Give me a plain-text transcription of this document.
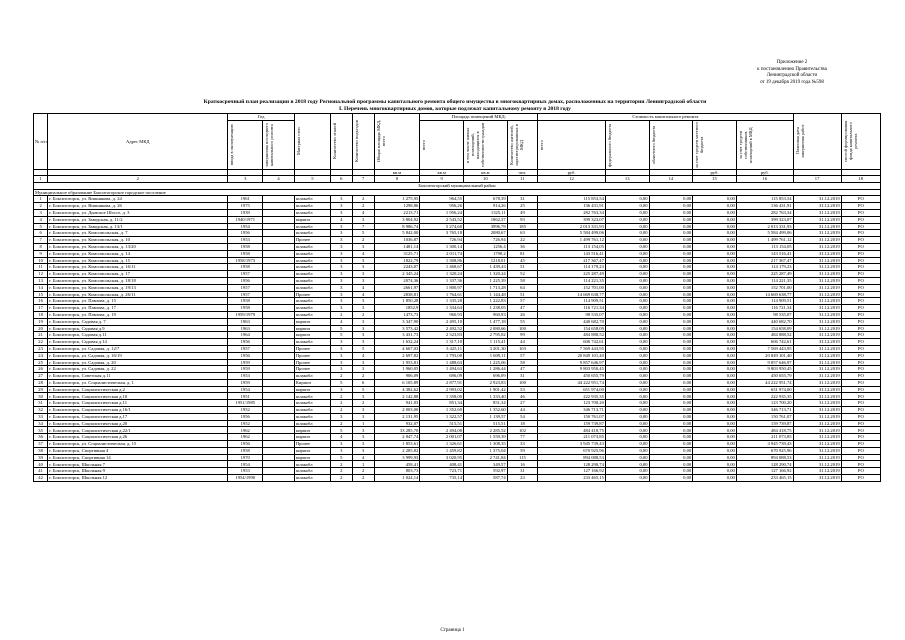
Приложение 2
к постановлению Правительства
Ленинградской области
от 19 декабря 2019 года №598
Краткосрочный план реализации в 2018 году Региональной программы капитального ремонта общего имущества в многоквартирных домах, расположенных на территории Ленинградской области
I. Перечень многоквартирных домов, которые подлежат капитальному ремонту в 2018 году
№ п/п	Адрес МКД	Год		Материал стен	Количество этажей	Количество подъездов	Общая площадь МКД, всего	Площадь помещений МКД:			Стоимость капитального ремонта					Плановая дата завершения работ	способ формирования фонда капитального ремонта

		ввода в эксплуатацию	завершения последнего капитального ремонта					всего	в том числе жилых помещений, находящихся в собственности граждан	Количество жителей, зарегистрированных в МКД	всего	федерального бюджета	областного бюджета	за счет средств местного бюджета	за счет средств собственников помещений в МКД		

							кв.м	кв.м	кв.м	чел.	руб.			руб.	руб.		
1	2	3	4	5	6	7	8	9	10	11	12	13	14	15	16	17	18
Бокситогорский муниципальный район																	
Муниципальное образование Бокситогорское городское поселение																	
1	г. Бокситогорск, ул. Вишнякова, д. 24	1961		шлакобл	3	2	1 275,95	964,55	678,39	31	115 853,54	0,00	0,00	0,00	115 853,54	31.12.2019	РО
2	г. Бокситогорск, ул. Вишнякова, д. 26	1975		шлакобл	3	2	1298,86	956,26	914,26	25	136 431,91	0,00	0,00	0,00	136 431,91	31.12.2019	РО
3	г. Бокситогорск, ул. Дымское Шоссе, д. 3	1939		шлакобл	3	4	2213,71	1 956,24	1325,11	49	282 763,34	0,00	0,00	0,00	282 763,34	31.12.2019	РО
4	г. Бокситогорск, ул. Заводская, д. 11/2	1940/1971		кирпич	4	3	3 804,92	2 543,52	1862,37	93	399 323,07	0,00	0,00	0,00	399 323,07	31.12.2019	РО
5	г. Бокситогорск, ул. Заводская, д. 13/1	1954		шлакобл	3	7	8 986,74	5 274,60	3996,78	185	2 013 331,93	0,00	0,00	0,00	2 013 331,93	31.12.2019	РО
6	г. Бокситогорск, ул. Комсомольская, д. 7	1956		шлакобл	3	5	5 842,00	3 765,18	2080,67	63	5 584 499,06	0,00	0,00	0,00	5 584 499,06	31.12.2019	РО
7	г. Бокситогорск, ул. Комсомольская, д. 10	1953		Прочее	3	2	1036,87	726,94	726,94	22	1 499 761,12	0,00	0,00	0,00	1 499 761,12	31.12.2019	РО
8	г. Бокситогорск, ул. Комсомольская, д. 13/20	1958		шлакобл	3	3	1481,14	1 300,14	1256,4	36	113 154,05	0,00	0,00	0,00	113 154,05	31.12.2019	РО
9	г. Бокситогорск, ул. Комсомольская, д. 14	1958		шлакобл	3	4	3125,71	2 011,74	1790,2	81	143 516,41	0,00	0,00	0,00	143 516,41	31.12.2019	РО
10	г. Бокситогорск, ул. Комсомольская, д. 15	1958/1973		шлакобл	3	3	1822,79	1 308,86	1218,01	45	217 367,47	0,00	0,00	0,00	217 367,47	31.12.2019	РО
11	г. Бокситогорск, ул. Комсомольская, д. 16/11	1958		шлакобл	3	3	2243,07	1 468,67	1 439,43	51	114 179,23	0,00	0,00	0,00	114 179,23	31.12.2019	РО
12	г. Бокситогорск, ул. Комсомольская, д. 17	1957		шлакобл	3	3	2 345,24	1 320,24	1 320,24	52	225 287,49	0,00	0,00	0,00	225 287,49	31.12.2019	РО
13	г. Бокситогорск, ул. Комсомольская, д. 18/18	1956		шлакобл	3	3	2074,36	1 337,36	1 225,39	58	114 221,35	0,00	0,00	0,00	114 221,35	31.12.2019	РО
14	г. Бокситогорск, ул. Комсомольская, д. 19/13	1957		шлакобл	3	4	2661,97	1 800,97	1 713,28	64	152 701,00	0,00	0,00	0,00	152 701,00	31.12.2019	РО
15	г. Бокситогорск, ул. Комсомольская, д. 26/11	1957		Прочее	3	4	2838,81	1 764,61	1 144,48	51	14 669 638,77	0,00	0,00	0,00	14 669 638,77	31.12.2019	РО
16	г. Бокситогорск, ул. Павлова, д. 15	1958		шлакобл	3	3	1 850,28	1 335,28	1 222,83	57	114 909,51	0,00	0,00	0,00	114 909,51	31.12.2019	РО
17	г. Бокситогорск, ул. Павлова, д. 17	1958		шлакобл	3	3	1852,9	1 334,64	1 238,05	47	116 721,34	0,00	0,00	0,00	116 721,34	31.12.2019	РО
18	г. Бокситогорск, ул. Павлова, д. 19	1959/1979		шлакобл	2	2	1473,73	960,93	960,93	26	98 535,07	0,00	0,00	0,00	98 535,07	31.12.2019	РО
19	г. Бокситогорск, Садовая д. 7	1963		кирпич	4	3	3 347,90	2 495,10	1 477,18	55	440 682,70	0,00	0,00	0,00	440 682,70	31.12.2019	РО
20	г. Бокситогорск, Садовая д.9	1963		кирпич	5	3	3 573,42	2 492,52	2 080,66	100	154 658,09	0,00	0,00	0,00	154 658,09	31.12.2019	РО
21	г. Бокситогорск, Садовая д.11	1964		кирпич	5	3	3 431,73	2 523,83	2 795,82	99	484 888,52	0,00	0,00	0,00	484 888,52	31.12.2019	РО
22	г. Бокситогорск, Садовая д.14	1956		шлакобл	3	3	1 632,24	1 317,10	1 115,41	44	606 742,61	0,00	0,00	0,00	606 742,61	31.12.2019	РО
23	г. Бокситогорск, ул. Садовая, д. 12/7	1957		Прочее	3	5	4 667,03	3 425,11	3 201,30	103	7 569 443,95	0,00	0,00	0,00	7 569 443,95	31.12.2019	РО
24	г. Бокситогорск, ул. Садовая, д. 16/19	1956		Прочее	3	4	2 697,82	1 793,00	1 609,11	57	20 849 101,40	0,00	0,00	0,00	20 849 101,40	31.12.2019	РО
25	г. Бокситогорск, ул. Садовая, д. 20	1959		Прочее	3	3	1 953,81	1 488,63	1 225,06	58	9 857 646,97	0,00	0,00	0,00	9 857 646,97	31.12.2019	РО
26	г. Бокситогорск, ул. Садовая, д. 22	1959		Прочее	3	3	1 960,05	1 494,63	1 286,44	47	9 803 950,45	0,00	0,00	0,00	9 803 950,45	31.12.2019	РО
27	г. Бокситогорск, Советская д.11	1953		шлакобл	2	2	906,09	696,09	696,09	31	450 655,79	0,00	0,00	0,00	450 655,79	31.12.2019	РО
28	г. Бокситогорск, ул. Социалистическая, д. 1	1959		Кирпич	5	6	6 105,89	2 877,91	2 923,83	100	44 222 951,74	0,00	0,00	0,00	44 222 951,74	31.12.2019	РО
29	г. Бокситогорск, Социалистическая д.2	1954		кирпич	3	5	4 382,62	2 993,02	1 901,42	53	651 974,00	0,00	0,00	0,00	651 974,00	31.12.2019	РО
30	г. Бокситогорск, Социалистическая д.10	1951		шлакобл	2	3	2 142,88	1 358,00	1 333,40	46	222 935,35	0,00	0,00	0,00	222 935,35	31.12.2019	РО
31	г. Бокситогорск, Социалистическая д.11	1951/1985		шлакобл	2	2	941,03	851,34	851,34	27	123 700,20	0,00	0,00	0,00	123 700,20	31.12.2019	РО
32	г. Бокситогорск, Социалистическая д.16/1	1952		шлакобл	2	3	2 003,00	1 352,60	1 352,60	44	346 713,71	0,00	0,00	0,00	346 713,71	31.12.2019	РО
33	г. Бокситогорск, Социалистическая д.17	1956		шлакобл	3	3	2 131,95	1 322,57	1 139,57	54	150 761,07	0,00	0,00	0,00	150 761,07	31.12.2019	РО
34	г. Бокситогорск, Социалистическая д.20	1952		шлакобл	2	1	932,07	515,51	515,51	18	159 739,87	0,00	0,00	0,00	159 739,87	31.12.2019	РО
35	г. Бокситогорск, Социалистическая д.22/1	1962		кирпич	5	3	33 285,70	2 494,08	2 285,52	102	484 418,75	0,00	0,00	0,00	484 418,75	31.12.2019	РО
36	г. Бокситогорск, Социалистическая д.26	1962		кирпич	4	3	2 847,74	2 001,07	1 559,39	77	211 073,85	0,00	0,00	0,00	211 073,85	31.12.2019	РО
37	г. Бокситогорск, ул. Социалистическая, д. 15	1956		Прочее	3	3	1 853,61	1 326,61	1 308,35	33	3 945 739,43	0,00	0,00	0,00	3 945 739,43	31.12.2019	РО
38	г. Бокситогорск, Спортивная 4	1958		кирпич	3	3	2 285,82	1 459,82	1 375,04	59	670 925,96	0,00	0,00	0,00	670 925,96	31.12.2019	РО
39	г. Бокситогорск, Спортивная 14	1970		кирпич	5	4	3 999,93	3 020,95	2 741,84	115	894 088,53	0,00	0,00	0,00	894 088,53	31.12.2019	РО
40	г. Бокситогорск, Школьная 7	1954		шлакобл	2	1	458,41	408,41	349,57	16	128 290,74	0,00	0,00	0,00	128 290,74	31.12.2019	РО
41	г. Бокситогорск, Школьная 9	1953		шлакобл	2	2	803,73	723,71	592,97	31	127 166,92	0,00	0,00	0,00	127 166,92	31.12.2019	РО
42	г. Бокситогорск, Школьная 12	1954/1990		шлакобл	2	2	1 024,14	735,14	587,74	23	233 465,15	0,00	0,00	0,00	233 465,15	31.12.2019	РО
Страница 1
